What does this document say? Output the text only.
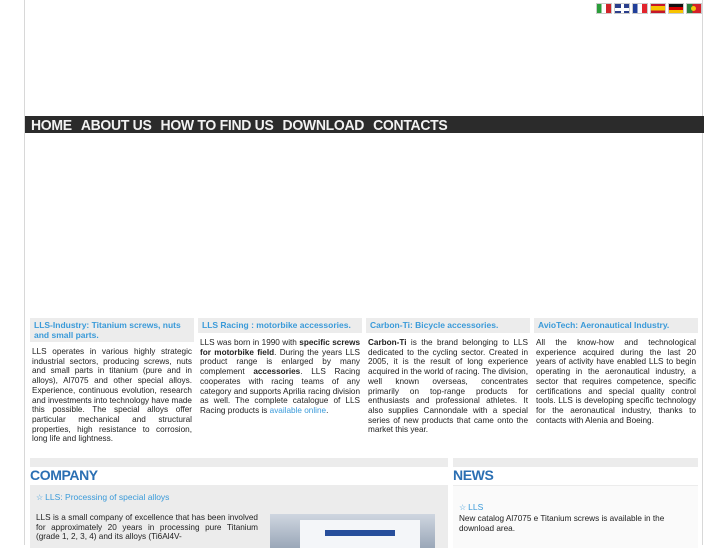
HOME ABOUT US HOW TO FIND US DOWNLOAD CONTACTS
LLS-Industry: Titanium screws, nuts and small parts.
LLS operates in various highly strategic industrial sectors, producing screws, nuts and small parts in titanium (pure and in alloys), Al7075 and other special alloys. Experience, continuous evolution, research and investments into technology have made this possible. The special alloys offer particular mechanical and structural properties, high resistance to corrosion, long life and lightness.
LLS Racing : motorbike accessories.
LLS was born in 1990 with specific screws for motorbike field. During the years LLS product range is enlarged by many complement accessories. LLS Racing cooperates with racing teams of any category and supports Aprilia racing division as well. The complete catalogue of LLS Racing products is available online.
Carbon-Ti: Bicycle accessories.
Carbon-Ti is the brand belonging to LLS dedicated to the cycling sector. Created in 2005, it is the result of long experience acquired in the world of racing. The division, well known overseas, concentrates primarily on top-range products for enthusiasts and professional athletes. It also supplies Cannondale with a special series of new products that came onto the market this year.
AvioTech: Aeronautical Industry.
All the know-how and technological experience acquired during the last 20 years of activity have enabled LLS to begin operating in the aeronautical industry, a sector that requires competence, specific certifications and special quality control tools. LLS is developing specific technology for the aeronautical industry, thanks to contacts with Alenia and Boeing.
COMPANY
☆ LLS: Processing of special alloys
LLS is a small company of excellence that has been involved for approximately 20 years in processing pure Titanium (grade 1, 2, 3, 4) and its alloys (Ti6Al4V-
NEWS
☆ LLS
New catalog Al7075 e Titanium screws is available in the download area.
